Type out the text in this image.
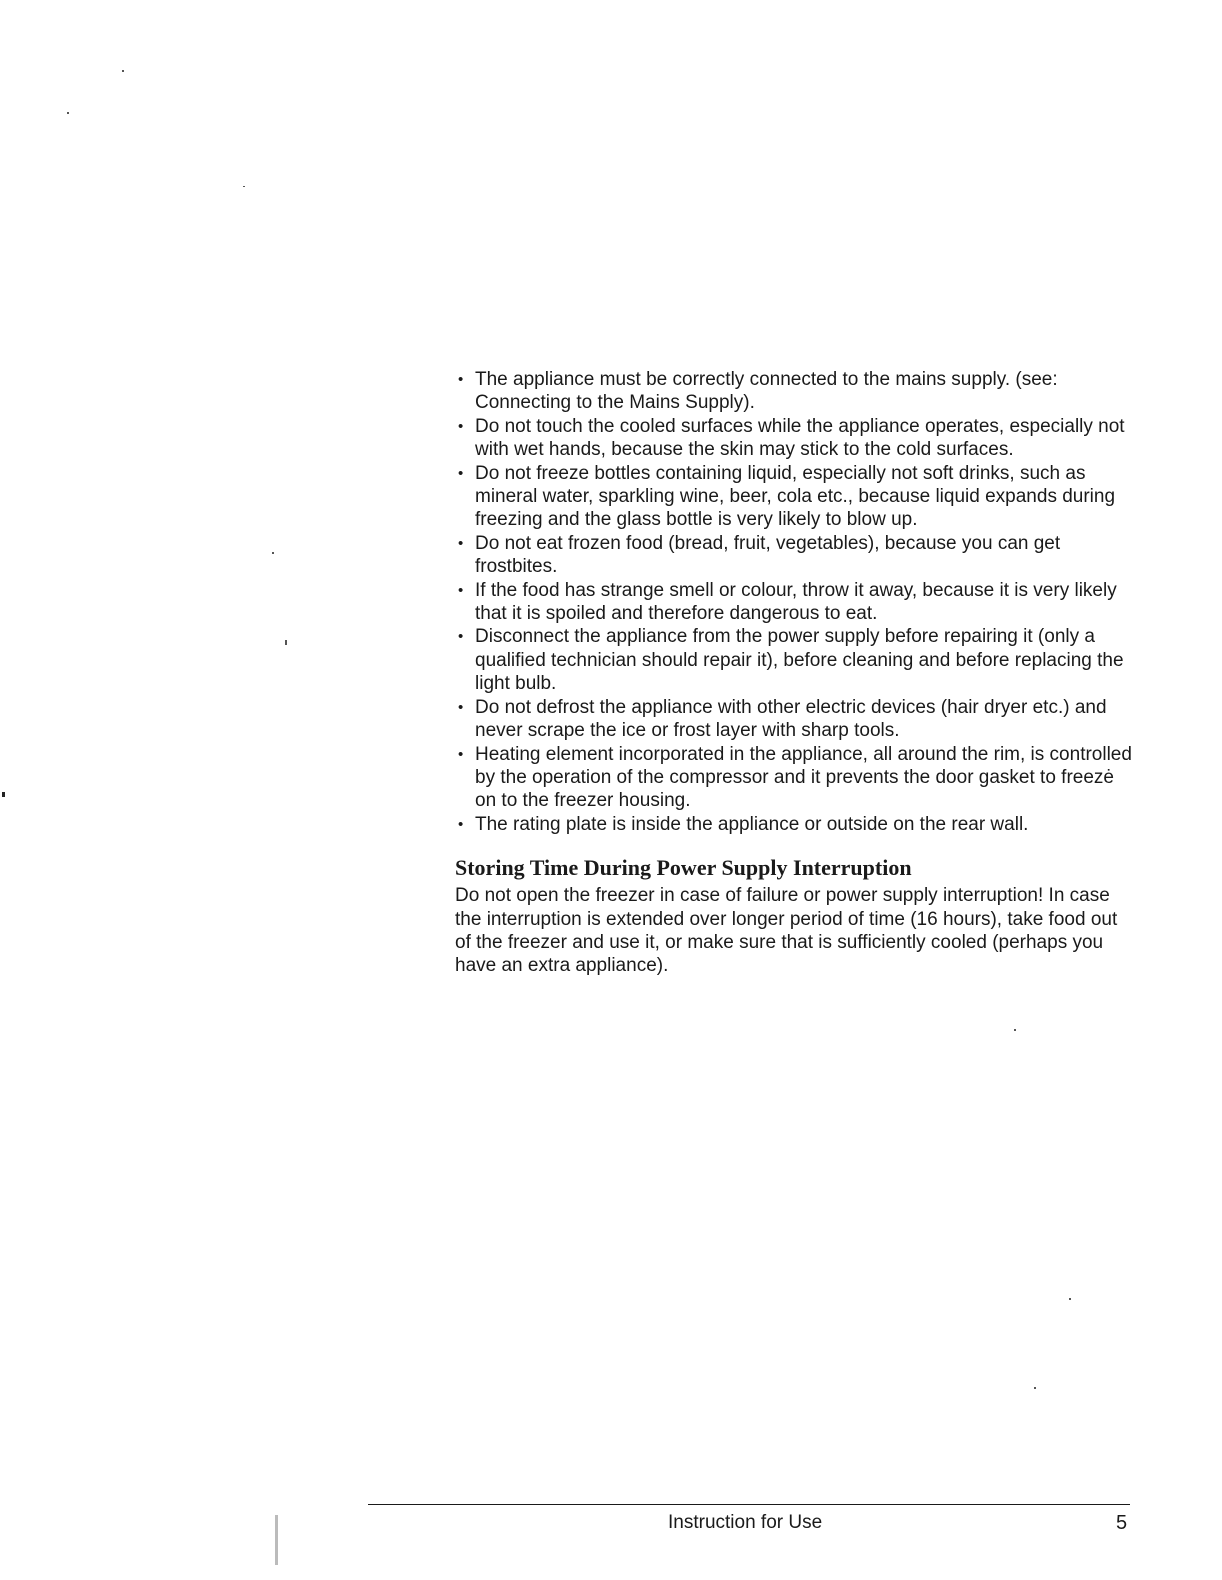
• The appliance must be correctly connected to the mains supply. (see: Connecting to the Mains Supply).
• Do not touch the cooled surfaces while the appliance operates, especially not with wet hands, because the skin may stick to the cold surfaces.
• Do not freeze bottles containing liquid, especially not soft drinks, such as mineral water, sparkling wine, beer, cola etc., because liquid expands during freezing and the glass bottle is very likely to blow up.
• Do not eat frozen food (bread, fruit, vegetables), because you can get frostbites.
• If the food has strange smell or colour, throw it away, because it is very likely that it is spoiled and therefore dangerous to eat.
• Disconnect the appliance from the power supply before repairing it (only a qualified technician should repair it), before cleaning and before replacing the light bulb.
• Do not defrost the appliance with other electric devices (hair dryer etc.) and never scrape the ice or frost layer with sharp tools.
• Heating element incorporated in the appliance, all around the rim, is controlled by the operation of the compressor and it prevents the door gasket to freezė on to the freezer housing.
• The rating plate is inside the appliance or outside on the rear wall.
Storing Time During Power Supply Interruption

Do not open the freezer in case of failure or power supply interruption! In case the interruption is extended over longer period of time (16 hours), take food out of the freezer and use it, or make sure that is sufficiently cooled (perhaps you have an extra appliance).

Instruction for Use	5
